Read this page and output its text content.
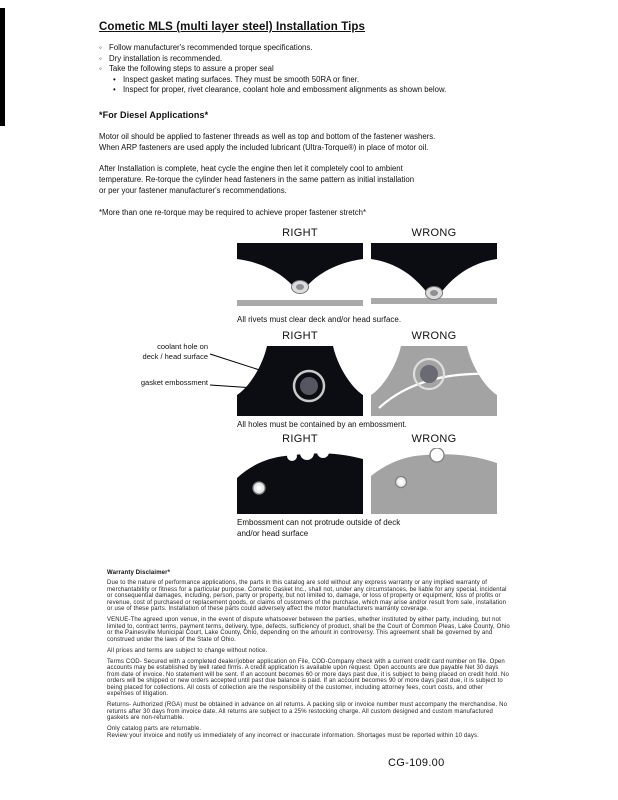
Cometic MLS (multi layer steel) Installation Tips
◦ Follow manufacturer's recommended torque specifications.
◦ Dry installation is recommended.
◦ Take the following steps to assure a proper seal
• Inspect gasket mating surfaces. They must be smooth 50RA or finer.
• Inspect for proper, rivet clearance, coolant hole and embossment alignments as shown below.
*For Diesel Applications*
Motor oil should be applied to fastener threads as well as top and bottom of the fastener washers.
When ARP fasteners are used apply the included lubricant (Ultra-Torque®) in place of motor oil.
After Installation is complete, heat cycle the engine then let it completely cool to ambient
temperature. Re-torque the cylinder head fasteners in the same pattern as initial installation
or per your fastener manufacturer's recommendations.
*More than one re-torque may be required to achieve proper fastener stretch*
RIGHT	WRONG
All rivets must clear deck and/or head surface.
RIGHT	WRONG
coolant hole on
deck / head surface
gasket embossment
All holes must be contained by an embossment.
RIGHT	WRONG
Embossment can not protrude outside of deck
and/or head surface
Warranty Disclaimer*

Due to the nature of performance applications, the parts in this catalog are sold without any express warranty or any implied warranty of merchantability or fitness for a particular purpose. Cometic Gasket Inc., shall not, under any circumstances, be liable for any special, incidental or consequential damages, including, person, party or property, but not limited to, damage, or loss of property or equipment, loss of profits or revenue, cost of purchased or replacement goods, or claims of customers of the purchase, which may arise and/or result from sale, installation or use of these parts. Installation of these parts could adversely affect the motor manufacturers warranty coverage.

VENUE-The agreed upon venue, in the event of dispute whatsoever between the parties, whether instituted by either party, including, but not limited to, contract terms, payment terms, delivery, type, defects, sufficiency of product, shall be the Court of Common Pleas, Lake County, Ohio or the Painesville Municipal Court, Lake County, Ohio, depending on the amount in controversy. This agreement shall be governed by and construed under the laws of the State of Ohio.

All prices and terms are subject to change without notice.

Terms COD- Secured with a completed dealer/jobber application on File, COD-Company check with a current credit card number on file. Open accounts may be established by well rated firms. A credit application is available upon request. Open accounts are due payable Net 30 days from date of invoice. No statement will be sent. If an account becomes 60 or more days past due, it is subject to being placed on credit hold. No orders will be shipped or new orders accepted until past due balance is paid. If an account becomes 90 or more days past due, it is subject to being placed for collections. All costs of collection are the responsibility of the customer, including attorney fees, court costs, and other expenses of litigation.

Returns- Authorized (RGA) must be obtained in advance on all returns. A packing slip or invoice number must accompany the merchandise. No returns after 30 days from invoice date. All returns are subject to a 25% restocking charge. All custom designed and custom manufactured gaskets are non-returnable.

Only catalog parts are returnable.

Review your invoice and notify us immediately of any incorrect or inaccurate information. Shortages must be reported within 10 days.

CG-109.00
